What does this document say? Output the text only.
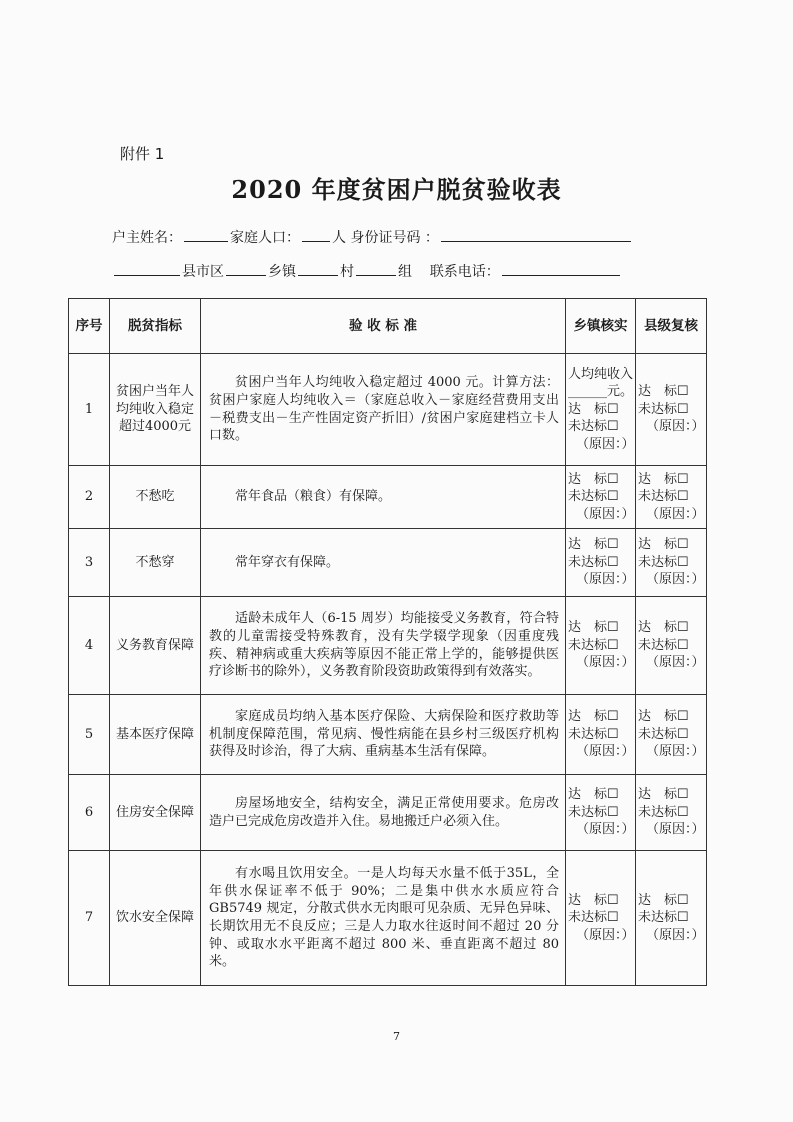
附件 1
2020 年度贫困户脱贫验收表
户主姓名：	家庭人口： 人 身份证号码 ：
县市区	乡镇	村	组 联系电话：
序号	脱贫指标	验 收 标 准	乡镇核实	县级复核
1	贫困户当年人均纯收入稳定超过4000元	贫困户当年人均纯收入稳定超过 4000 元。计算方法：贫困户家庭人均纯收入＝（家庭总收入－家庭经营费用支出－税费支出－生产性固定资产折旧）/贫困户家庭建档立卡人口数。	人均纯收入______元。
达　标☐
未达标☐
（原因：）	达　标☐
未达标☐
（原因：）

2	不愁吃	常年食品（粮食）有保障。	达　标☐
未达标☐
（原因：）	达　标☐
未达标☐
（原因：）

3	不愁穿	常年穿衣有保障。	达　标☐
未达标☐
（原因：）	达　标☐
未达标☐
（原因：）

4	义务教育保障	适龄未成年人（6-15 周岁）均能接受义务教育，符合特教的儿童需接受特殊教育，没有失学辍学现象（因重度残疾、精神病或重大疾病等原因不能正常上学的，能够提供医疗诊断书的除外），义务教育阶段资助政策得到有效落实。	达　标☐
未达标☐
（原因：）	达　标☐
未达标☐
（原因：）

5	基本医疗保障	家庭成员均纳入基本医疗保险、大病保险和医疗救助等机制度保障范围，常见病、慢性病能在县乡村三级医疗机构获得及时诊治，得了大病、重病基本生活有保障。	达　标☐
未达标☐
（原因：）	达　标☐
未达标☐
（原因：）

6	住房安全保障	房屋场地安全，结构安全，满足正常使用要求。危房改造户已完成危房改造并入住。易地搬迁户必须入住。	达　标☐
未达标☐
（原因：）	达　标☐
未达标☐
（原因：）

7	饮水安全保障	有水喝且饮用安全。一是人均每天水量不低于35L，全年供水保证率不低于 90%；二是集中供水水质应符合 GB5749 规定，分散式供水无肉眼可见杂质、无异色异味、长期饮用无不良反应；三是人力取水往返时间不超过 20 分钟、或取水水平距离不超过 800 米、垂直距离不超过 80 米。	达　标☐
未达标☐
（原因：）	达　标☐
未达标☐
（原因：）
7
